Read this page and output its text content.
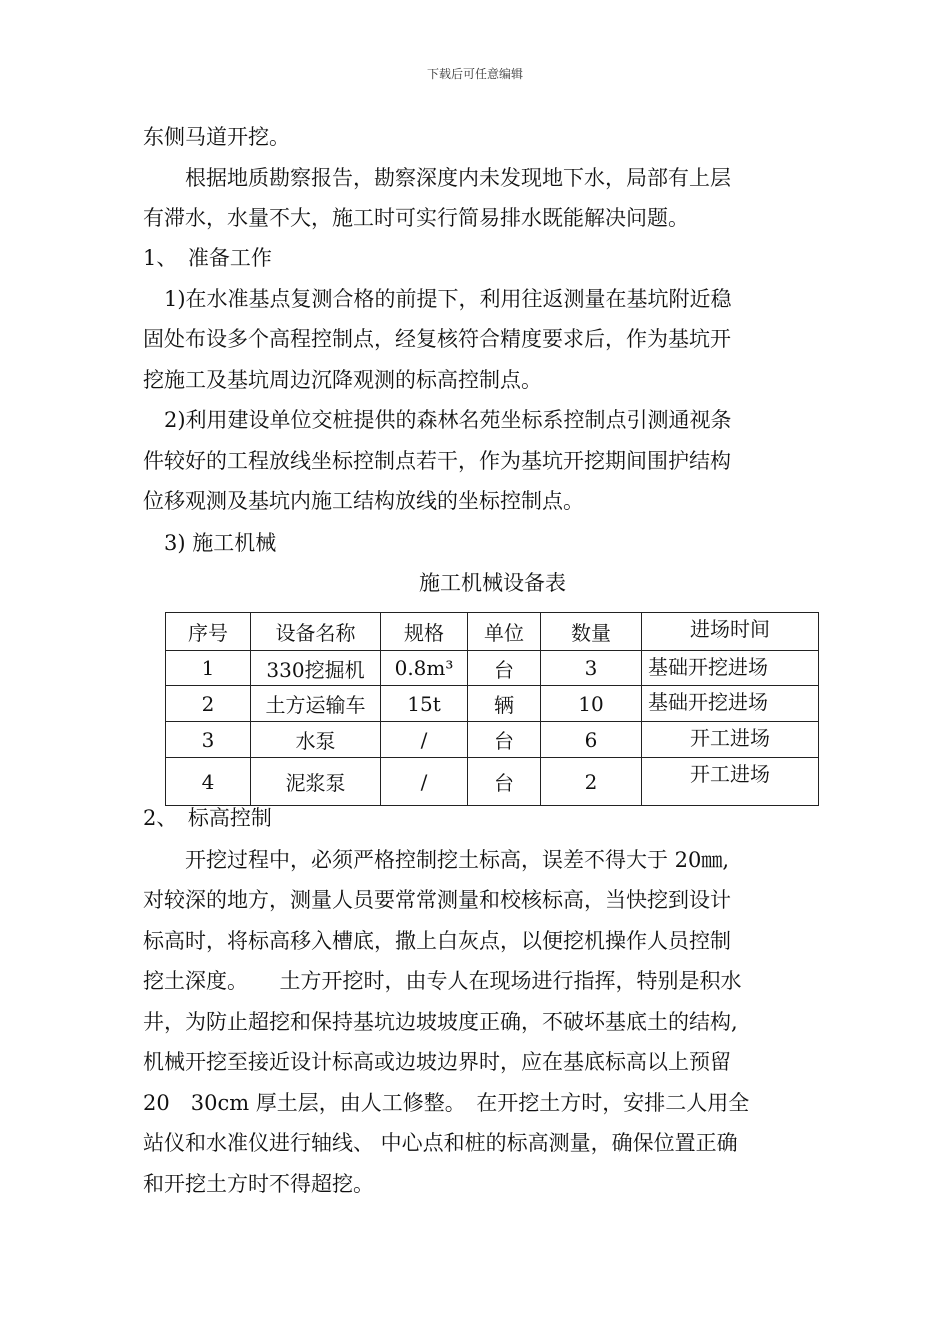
下载后可任意编辑
东侧马道开挖。
　　根据地质勘察报告，勘察深度内未发现地下水，局部有上层
有滞水，水量不大，施工时可实行简易排水既能解决问题。
1、　准备工作
　1)在水准基点复测合格的前提下，利用往返测量在基坑附近稳
固处布设多个高程控制点，经复核符合精度要求后，作为基坑开
挖施工及基坑周边沉降观测的标高控制点。
　2)利用建设单位交桩提供的森林名苑坐标系控制点引测通视条
件较好的工程放线坐标控制点若干，作为基坑开挖期间围护结构
位移观测及基坑内施工结构放线的坐标控制点。
　3) 施工机械
施工机械设备表
序号	设备名称	规格	单位	数量	进场时间
1	330挖掘机	0.8m³	台	3	基础开挖进场
2	土方运输车	15t	辆	10	基础开挖进场
3	水泵	/	台	6	开工进场
4	泥浆泵	/	台	2	开工进场
2、　标高控制
　　开挖过程中，必须严格控制挖土标高，误差不得大于 20㎜,
对较深的地方，测量人员要常常测量和校核标高，当快挖到设计
标高时，将标高移入槽底，撒上白灰点，以便挖机操作人员控制
挖土深度。　　土方开挖时，由专人在现场进行指挥，特别是积水
井，为防止超挖和保持基坑边坡坡度正确，不破坏基底土的结构,
机械开挖至接近设计标高或边坡边界时，应在基底标高以上预留
20　30cm 厚土层，由人工修整。　在开挖土方时，安排二人用全
站仪和水准仪进行轴线、 中心点和桩的标高测量，确保位置正确
和开挖土方时不得超挖。
